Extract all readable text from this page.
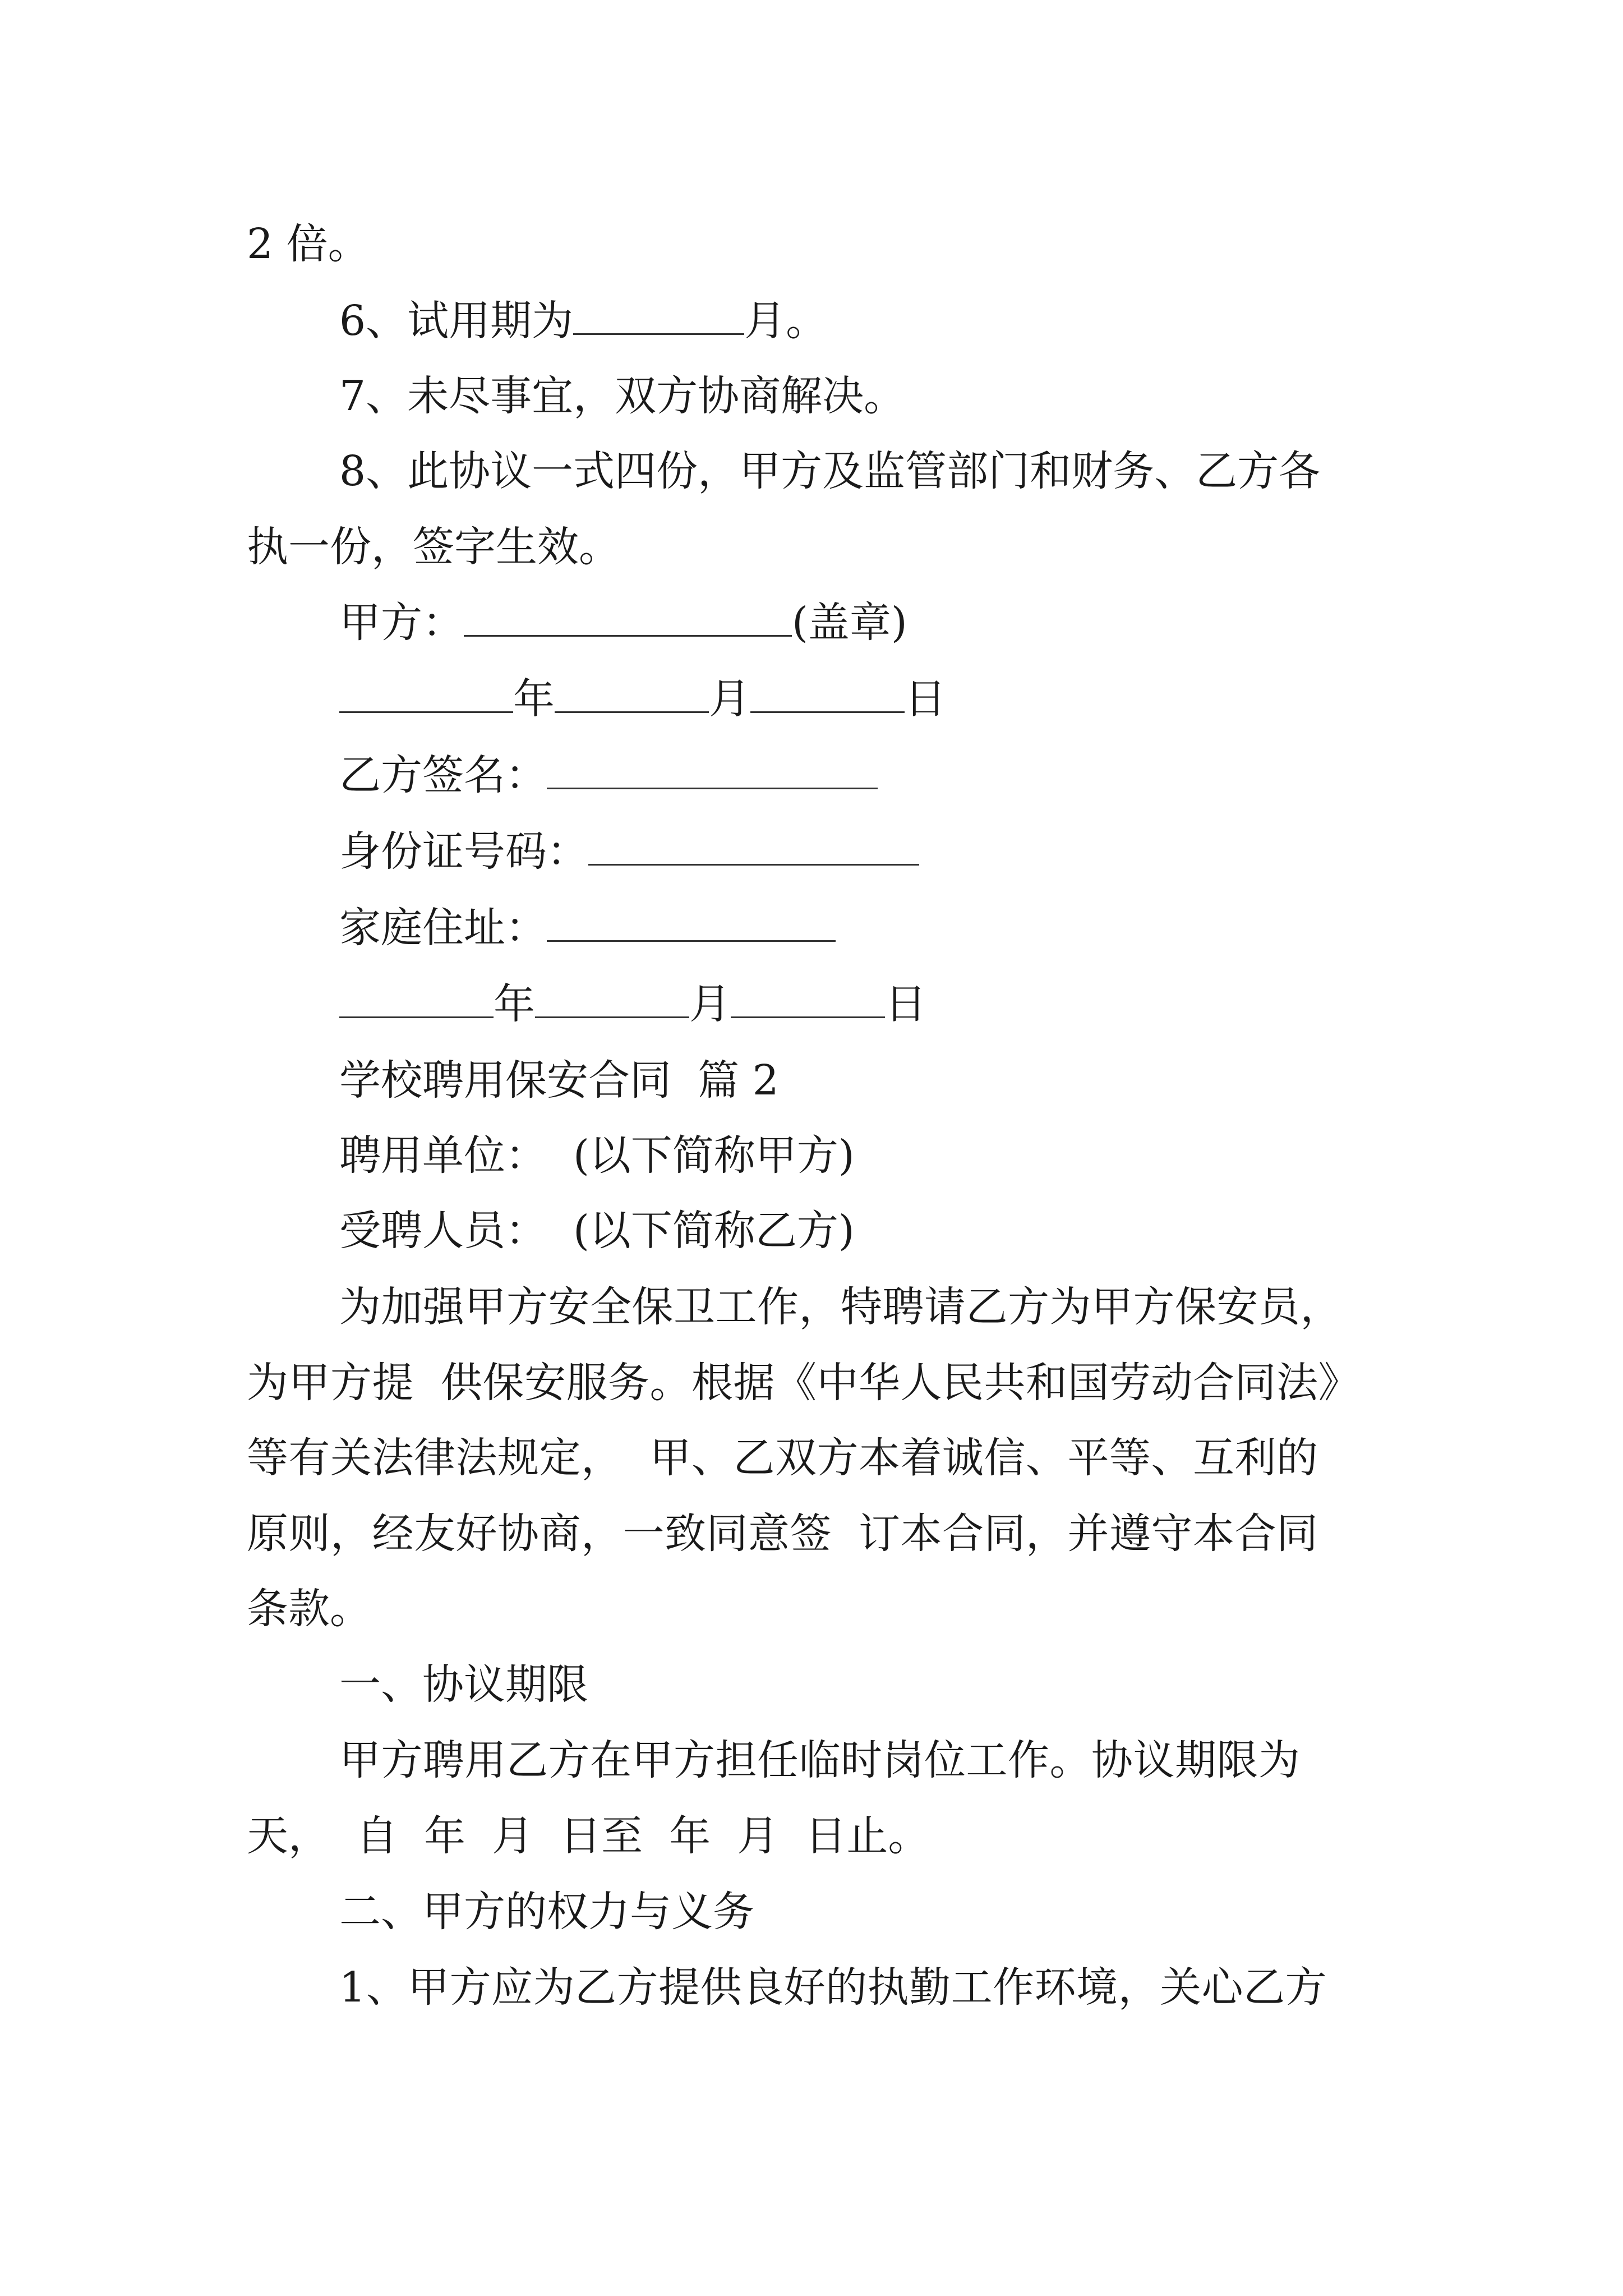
2 倍。
6、试用期为	月。
7、未尽事宜，双方协商解决。
8、此协议一式四份，甲方及监管部门和财务、乙方各
执一份，签字生效。
甲方：	(盖章)
年	月	日
乙方签名：
身份证号码：
家庭住址：
年	月	日
学校聘用保安合同  篇 2
聘用单位：  (以下简称甲方)
受聘人员：  (以下简称乙方)
为加强甲方安全保卫工作，特聘请乙方为甲方保安员，
为甲方提  供保安服务。根据《中华人民共和国劳动合同法》
等有关法律法规定，  甲、乙双方本着诚信、平等、互利的
原则，经友好协商，一致同意签  订本合同，并遵守本合同
条款。
一、协议期限
甲方聘用乙方在甲方担任临时岗位工作。协议期限为
天，  自  年  月  日至  年  月  日止。
二、甲方的权力与义务
1、甲方应为乙方提供良好的执勤工作环境，关心乙方
